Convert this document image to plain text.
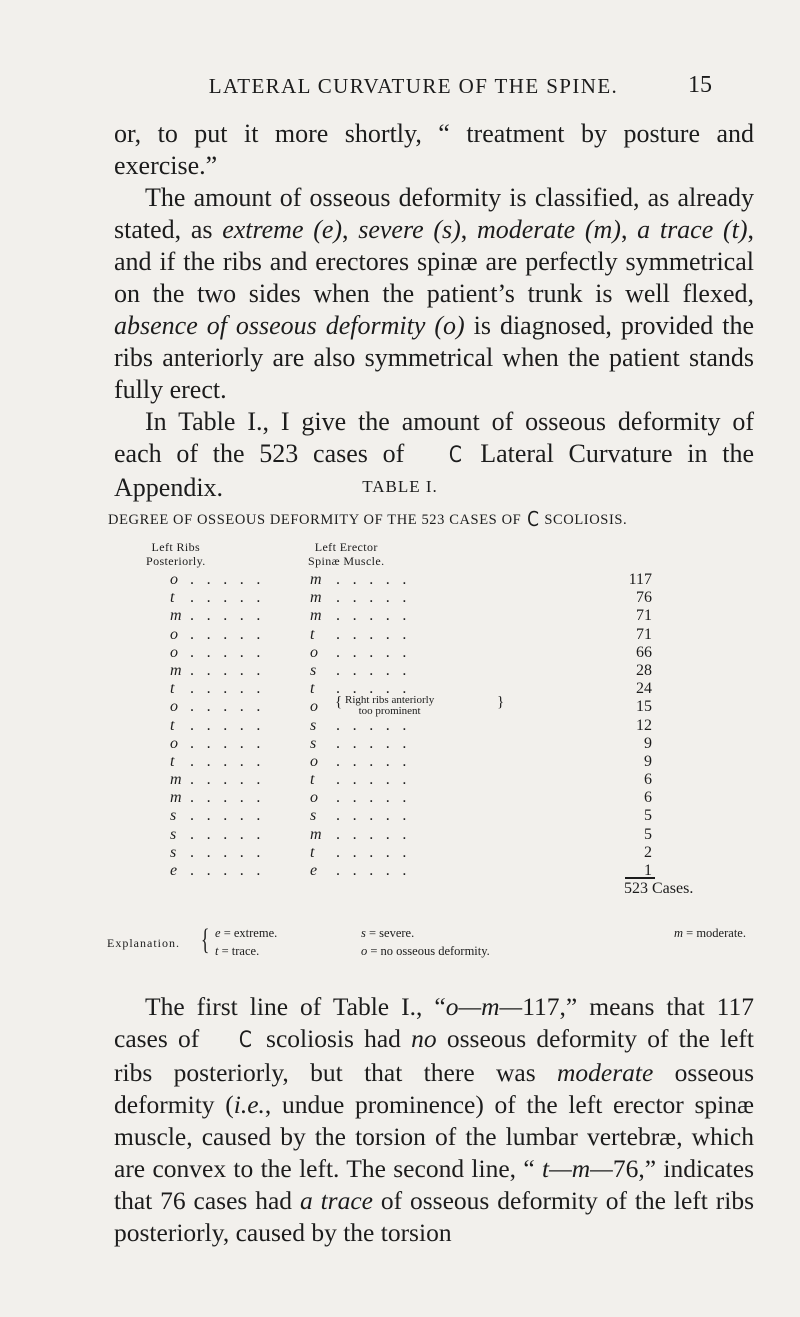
LATERAL CURVATURE OF THE SPINE.	15

or, to put it more shortly, “ treatment by posture and exercise.”

The amount of osseous deformity is classified, as already stated, as extreme (e), severe (s), moderate (m), a trace (t), and if the ribs and erectores spinæ are perfectly symmetrical on the two sides when the patient’s trunk is well flexed, absence of osseous deformity (o) is diagnosed, provided the ribs anteriorly are also symmetrical when the patient stands fully erect.

In Table I., I give the amount of osseous deformity of each of the 523 cases of C Lateral Curvature in the Appendix.	TABLE I.
DEGREE OF OSSEOUS DEFORMITY OF THE 523 CASES OF C SCOLIOSIS.
Left Ribs
Posteriorly.
Left Erector
Spinæ Muscle.
o ..... m .....	117
t ..... m .....	76
m ..... m .....	71
o ..... t .....	71
o ..... o .....	66
m ..... s .....	28
t ..... t .....	24
o ..... o { Right ribs anteriorly
too prominent
}	15
t ..... s .....	12
o ..... s .....	9
t ..... o .....	9
m ..... t .....	6
m ..... o .....	6
s ..... s .....	5
s ..... m .....	5
s ..... t .....	2
e ..... e .....	1
523 Cases.
Explanation. { e = extreme.
t = trace.
s = severe.
o = no osseous deformity.
m = moderate.

The first line of Table I., “o—m—117,” means that 117 cases of C scoliosis had no osseous deformity of the left ribs posteriorly, but that there was moderate osseous deformity (i.e., undue prominence) of the left erector spinæ muscle, caused by the torsion of the lumbar vertebræ, which are convex to the left. The second line, “ t—m—76,” indicates that 76 cases had a trace of osseous deformity of the left ribs posteriorly, caused by the torsion
